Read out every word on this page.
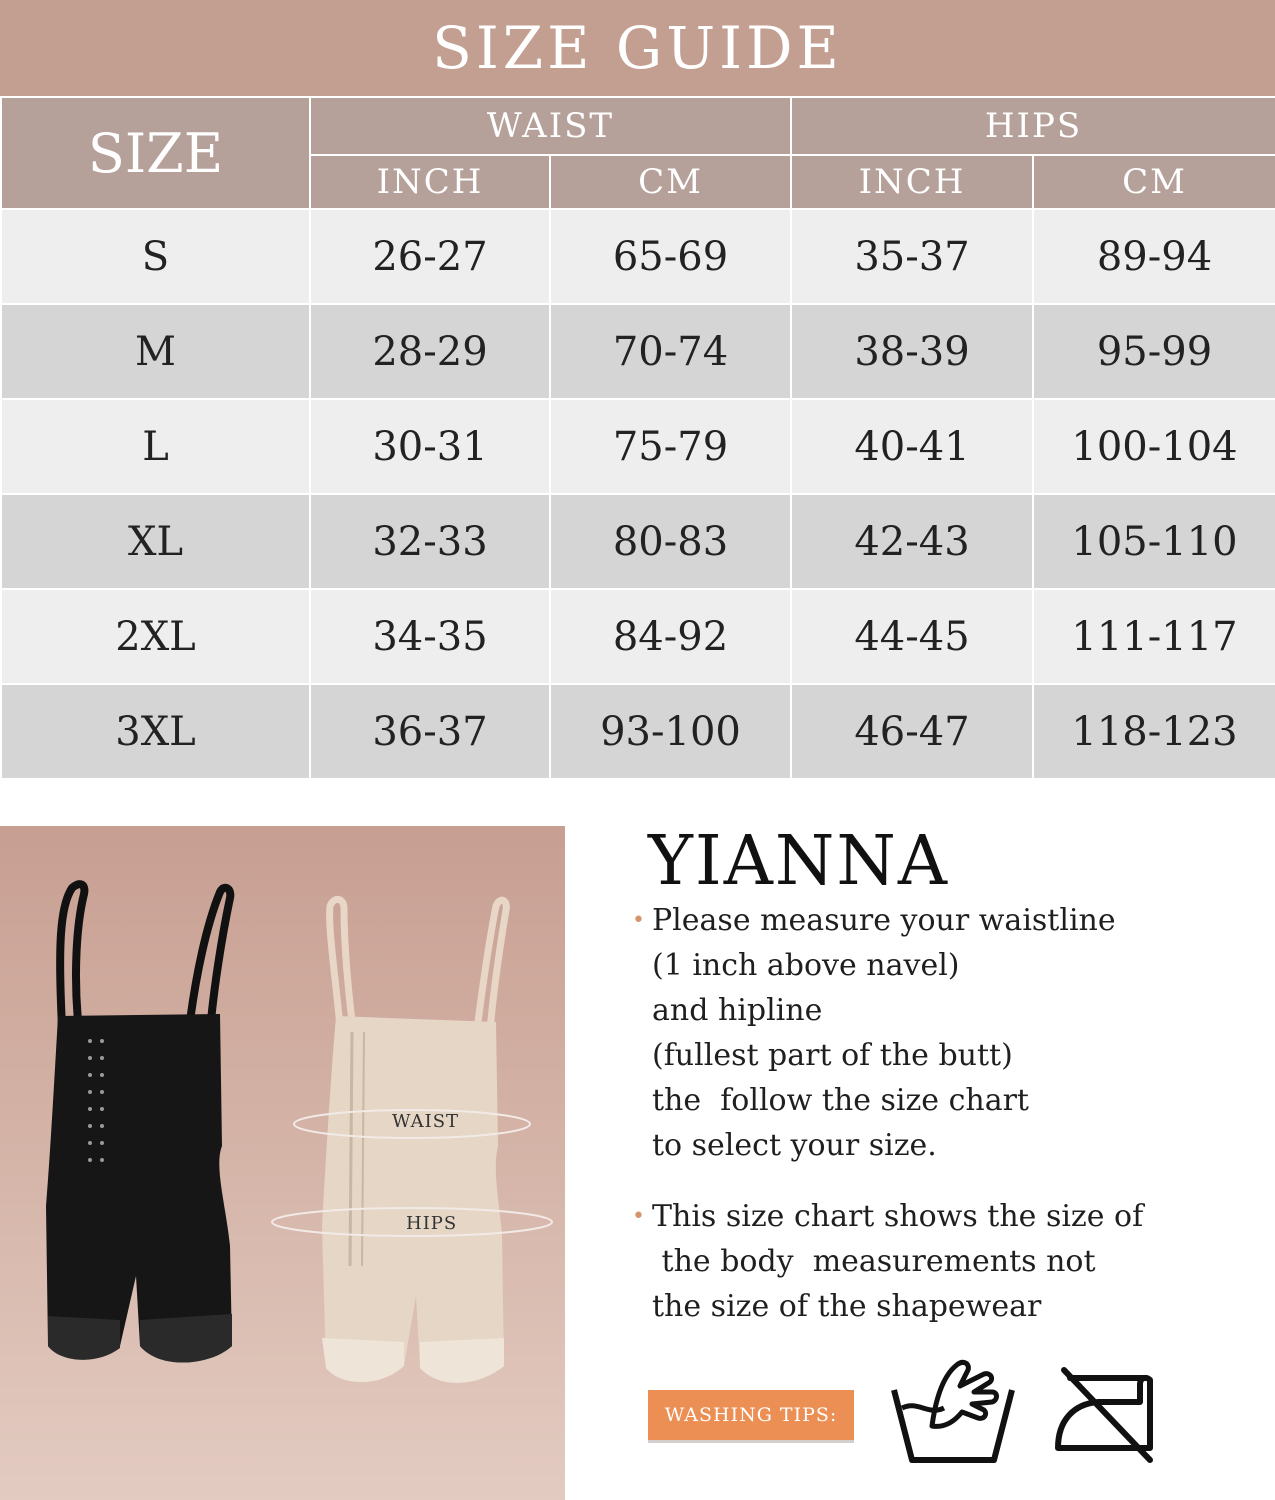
SIZE GUIDE
SIZE	WAIST		HIPS	
	INCH	CM	INCH	CM
S	26-27	65-69	35-37	89-94
M	28-29	70-74	38-39	95-99
L	30-31	75-79	40-41	100-104
XL	32-33	80-83	42-43	105-110
2XL	34-35	84-92	44-45	111-117
3XL	36-37	93-100	46-47	118-123
WAIST
HIPS
YIANNA
• Please measure your waistline
(1 inch above navel)
and hipline
(fullest part of the butt)
the  follow the size chart
to select your size.
• This size chart shows the size of
the body  measurements not
the size of the shapewear
WASHING TIPS:
